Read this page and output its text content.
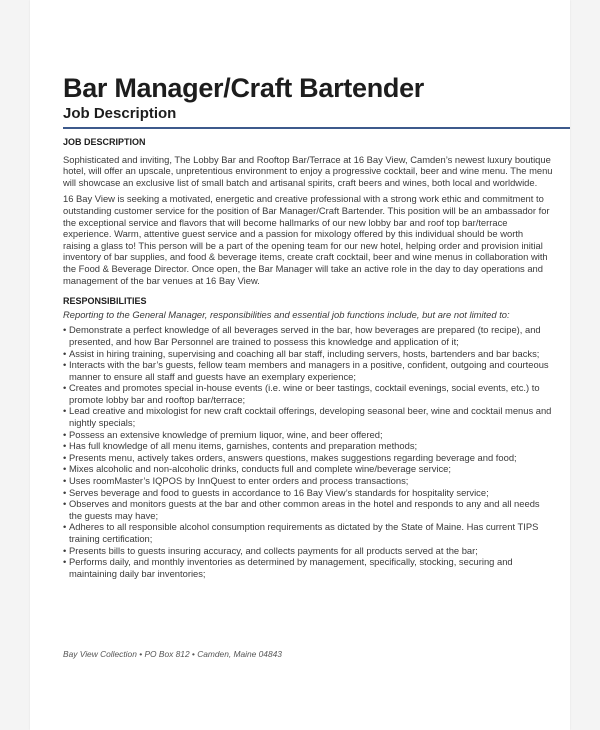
Bar Manager/Craft Bartender
Job Description
JOB DESCRIPTION

Sophisticated and inviting, The Lobby Bar and Rooftop Bar/Terrace at 16 Bay View, Camden’s newest luxury boutique hotel, will offer an upscale, unpretentious environment to enjoy a progressive cocktail, beer and wine menu. The menu will showcase an exclusive list of small batch and artisanal spirits, craft beers and wines, both local and worldwide.

16 Bay View is seeking a motivated, energetic and creative professional with a strong work ethic and commitment to outstanding customer service for the position of Bar Manager/Craft Bartender. This position will be an ambassador for the exceptional service and flavors that will become hallmarks of our new lobby bar and roof top bar/terrace experience. Warm, attentive guest service and a passion for mixology offered by this individual should be worth raising a glass to! This person will be a part of the opening team for our new hotel, helping order and provision initial inventory of bar supplies, and food & beverage items, create craft cocktail, beer and wine menus in collaboration with the Food & Beverage Director. Once open, the Bar Manager will take an active role in the day to day operations and management of the bar venues at 16 Bay View.

RESPONSIBILITIES

Reporting to the General Manager, responsibilities and essential job functions include, but are not limited to:

• Demonstrate a perfect knowledge of all beverages served in the bar, how beverages are prepared (to recipe), and presented, and how Bar Personnel are trained to possess this knowledge and application of it;
• Assist in hiring training, supervising and coaching all bar staff, including servers, hosts, bartenders and bar backs;
• Interacts with the bar’s guests, fellow team members and managers in a positive, confident, outgoing and courteous manner to ensure all staff and guests have an exemplary experience;
• Creates and promotes special in-house events (i.e. wine or beer tastings, cocktail evenings, social events, etc.) to promote lobby bar and rooftop bar/terrace;
• Lead creative and mixologist for new craft cocktail offerings, developing seasonal beer, wine and cocktail menus and nightly specials;
• Possess an extensive knowledge of premium liquor, wine, and beer offered;
• Has full knowledge of all menu items, garnishes, contents and preparation methods;
• Presents menu, actively takes orders, answers questions, makes suggestions regarding beverage and food;
• Mixes alcoholic and non-alcoholic drinks, conducts full and complete wine/beverage service;
• Uses roomMaster’s IQPOS by InnQuest to enter orders and process transactions;
• Serves beverage and food to guests in accordance to 16 Bay View’s standards for hospitality service;
• Observes and monitors guests at the bar and other common areas in the hotel and responds to any and all needs the guests may have;
• Adheres to all responsible alcohol consumption requirements as dictated by the State of Maine. Has current TIPS training certification;
• Presents bills to guests insuring accuracy, and collects payments for all products served at the bar;
• Performs daily, and monthly inventories as determined by management, specifically, stocking, securing and maintaining daily bar inventories;
Bay View Collection • PO Box 812 • Camden, Maine 04843
